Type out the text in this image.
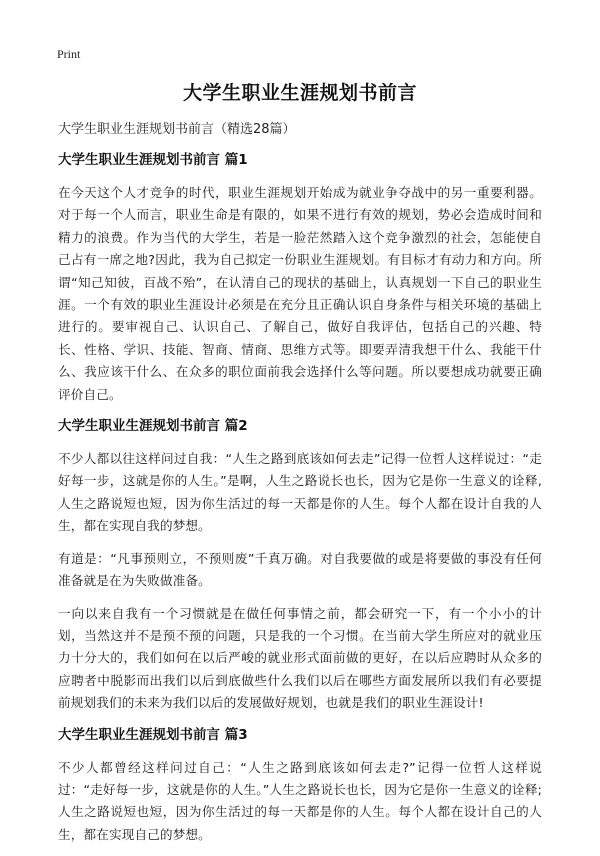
Print
大学生职业生涯规划书前言
大学生职业生涯规划书前言（精选28篇）
大学生职业生涯规划书前言 篇1

在今天这个人才竞争的时代，职业生涯规划开始成为就业争夺战中的另一重要利器。对于每一个人而言，职业生命是有限的，如果不进行有效的规划，势必会造成时间和精力的浪费。作为当代的大学生，若是一脸茫然踏入这个竞争激烈的社会，怎能使自己占有一席之地?因此，我为自己拟定一份职业生涯规划。有目标才有动力和方向。所谓“知己知彼，百战不殆”，在认清自己的现状的基础上，认真规划一下自己的职业生涯。一个有效的职业生涯设计必须是在充分且正确认识自身条件与相关环境的基础上进行的。要审视自己、认识自己、了解自己，做好自我评估，包括自己的兴趣、特长、性格、学识、技能、智商、情商、思维方式等。即要弄清我想干什么、我能干什么、我应该干什么、在众多的职位面前我会选择什么等问题。所以要想成功就要正确评价自己。

大学生职业生涯规划书前言 篇2

不少人都以往这样问过自我：“人生之路到底该如何去走”记得一位哲人这样说过：“走好每一步，这就是你的人生。”是啊，人生之路说长也长，因为它是你一生意义的诠释,人生之路说短也短，因为你生活过的每一天都是你的人生。每个人都在设计自我的人生，都在实现自我的梦想。

有道是：“凡事预则立，不预则废”千真万确。对自我要做的或是将要做的事没有任何准备就是在为失败做准备。

一向以来自我有一个习惯就是在做任何事情之前，都会研究一下，有一个小小的计划，当然这并不是预不预的问题，只是我的一个习惯。在当前大学生所应对的就业压力十分大的，我们如何在以后严峻的就业形式面前做的更好，在以后应聘时从众多的应聘者中脱影而出我们以后到底做些什么我们以后在哪些方面发展所以我们有必要提前规划我们的未来为我们以后的发展做好规划，也就是我们的职业生涯设计!

大学生职业生涯规划书前言 篇3

不少人都曾经这样问过自己：“人生之路到底该如何去走?”记得一位哲人这样说过：“走好每一步，这就是你的人生。”人生之路说长也长，因为它是你一生意义的诠释;人生之路说短也短，因为你生活过的每一天都是你的人生。每个人都在设计自己的人生，都在实现自己的梦想。
